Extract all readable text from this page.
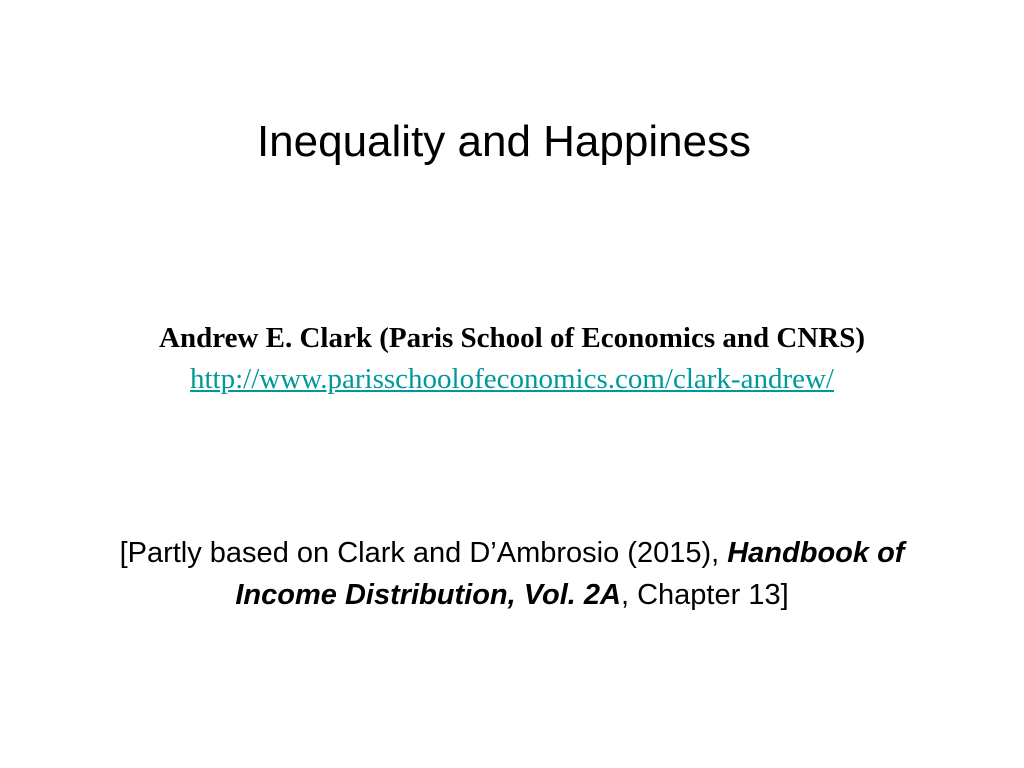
Inequality and Happiness
Andrew E. Clark (Paris School of Economics and CNRS)
http://www.parisschoolofeconomics.com/clark-andrew/
[Partly based on Clark and D’Ambrosio (2015), Handbook of
Income Distribution, Vol. 2A, Chapter 13]
